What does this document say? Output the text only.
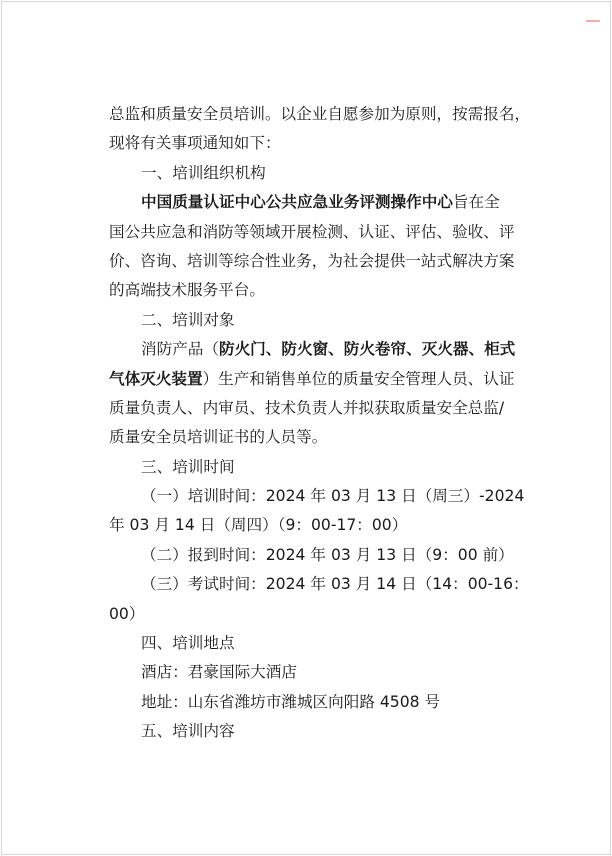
总监和质量安全员培训。以企业自愿参加为原则，按需报名，
现将有关事项通知如下：
一、培训组织机构
中国质量认证中心公共应急业务评测操作中心旨在全
国公共应急和消防等领域开展检测、认证、评估、验收、评
价、咨询、培训等综合性业务，为社会提供一站式解决方案
的高端技术服务平台。
二、培训对象
消防产品（防火门、防火窗、防火卷帘、灭火器、柜式
气体灭火装置）生产和销售单位的质量安全管理人员、认证
质量负责人、内审员、技术负责人并拟获取质量安全总监/
质量安全员培训证书的人员等。
三、培训时间
（一）培训时间：2024 年 03 月 13 日（周三）-2024
年 03 月 14 日（周四）（9：00-17：00）
（二）报到时间：2024 年 03 月 13 日（9：00 前）
（三）考试时间：2024 年 03 月 14 日（14：00-16：
00）
四、培训地点
酒店：君豪国际大酒店
地址：山东省潍坊市潍城区向阳路 4508 号
五、培训内容
